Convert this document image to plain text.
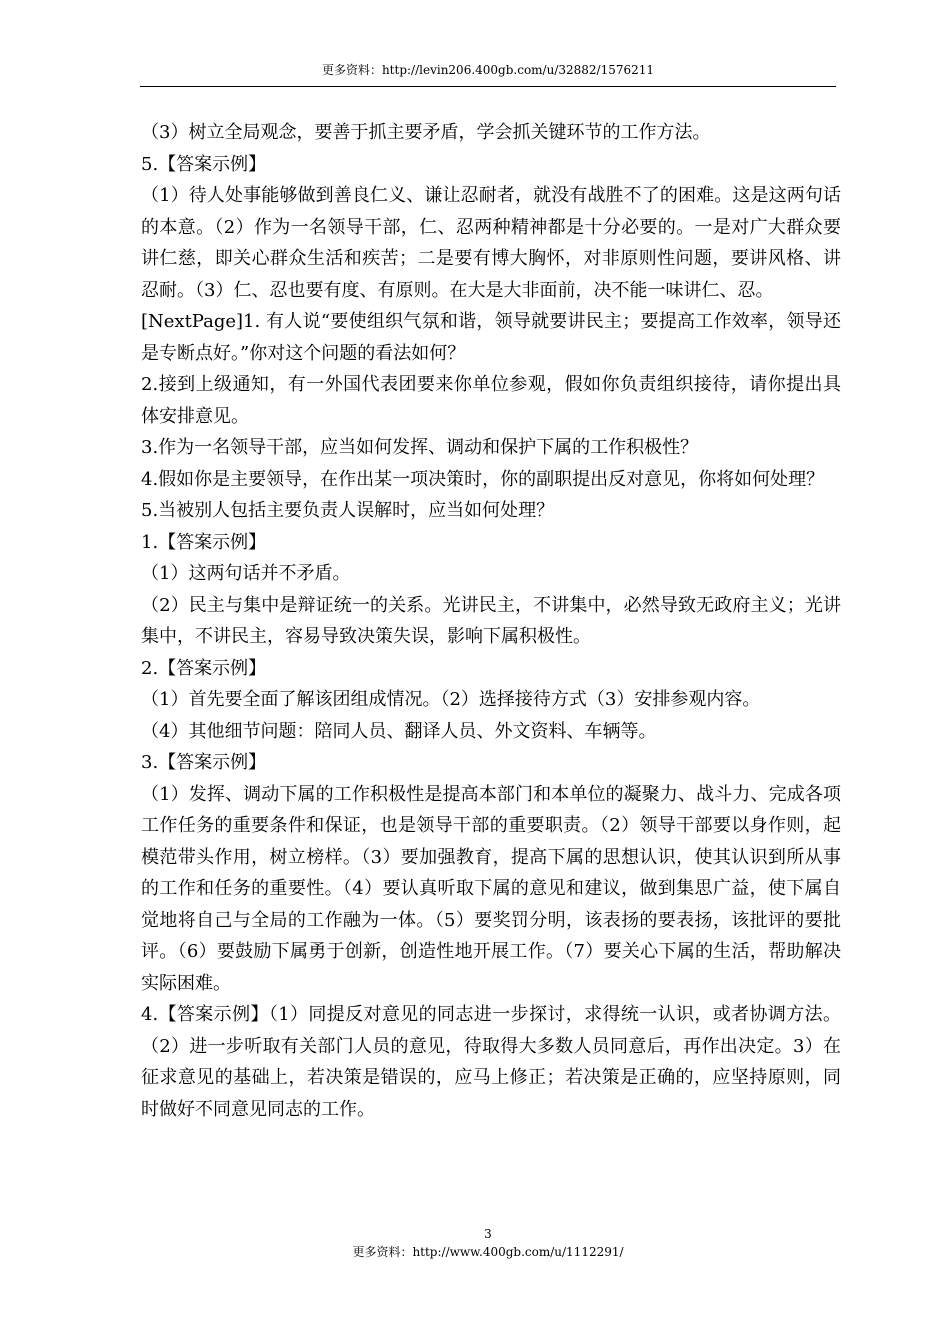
更多资料：http://levin206.400gb.com/u/32882/1576211

（3）树立全局观念，要善于抓主要矛盾，学会抓关键环节的工作方法。

5.【答案示例】

（1）待人处事能够做到善良仁义、谦让忍耐者，就没有战胜不了的困难。这是这两句话的本意。（2）作为一名领导干部，仁、忍两种精神都是十分必要的。一是对广大群众要讲仁慈，即关心群众生活和疾苦；二是要有博大胸怀，对非原则性问题，要讲风格、讲忍耐。（3）仁、忍也要有度、有原则。在大是大非面前，决不能一味讲仁、忍。

[NextPage]1. 有人说“要使组织气氛和谐，领导就要讲民主；要提高工作效率，领导还是专断点好。”你对这个问题的看法如何？

2.接到上级通知，有一外国代表团要来你单位参观，假如你负责组织接待，请你提出具体安排意见。

3.作为一名领导干部，应当如何发挥、调动和保护下属的工作积极性？

4.假如你是主要领导，在作出某一项决策时，你的副职提出反对意见，你将如何处理？

5.当被别人包括主要负责人误解时，应当如何处理？

1.【答案示例】

（1）这两句话并不矛盾。

（2）民主与集中是辩证统一的关系。光讲民主，不讲集中，必然导致无政府主义；光讲集中，不讲民主，容易导致决策失误，影响下属积极性。

2.【答案示例】

（1）首先要全面了解该团组成情况。（2）选择接待方式（3）安排参观内容。

（4）其他细节问题：陪同人员、翻译人员、外文资料、车辆等。

3.【答案示例】

（1）发挥、调动下属的工作积极性是提高本部门和本单位的凝聚力、战斗力、完成各项工作任务的重要条件和保证，也是领导干部的重要职责。（2）领导干部要以身作则，起模范带头作用，树立榜样。（3）要加强教育，提高下属的思想认识，使其认识到所从事的工作和任务的重要性。（4）要认真听取下属的意见和建议，做到集思广益，使下属自觉地将自己与全局的工作融为一体。（5）要奖罚分明，该表扬的要表扬，该批评的要批评。（6）要鼓励下属勇于创新，创造性地开展工作。（7）要关心下属的生活，帮助解决实际困难。

4.【答案示例】（1）同提反对意见的同志进一步探讨，求得统一认识，或者协调方法。（2）进一步听取有关部门人员的意见，待取得大多数人员同意后，再作出决定。3）在征求意见的基础上，若决策是错误的，应马上修正；若决策是正确的，应坚持原则，同时做好不同意见同志的工作。

3
更多资料：http://www.400gb.com/u/1112291/
